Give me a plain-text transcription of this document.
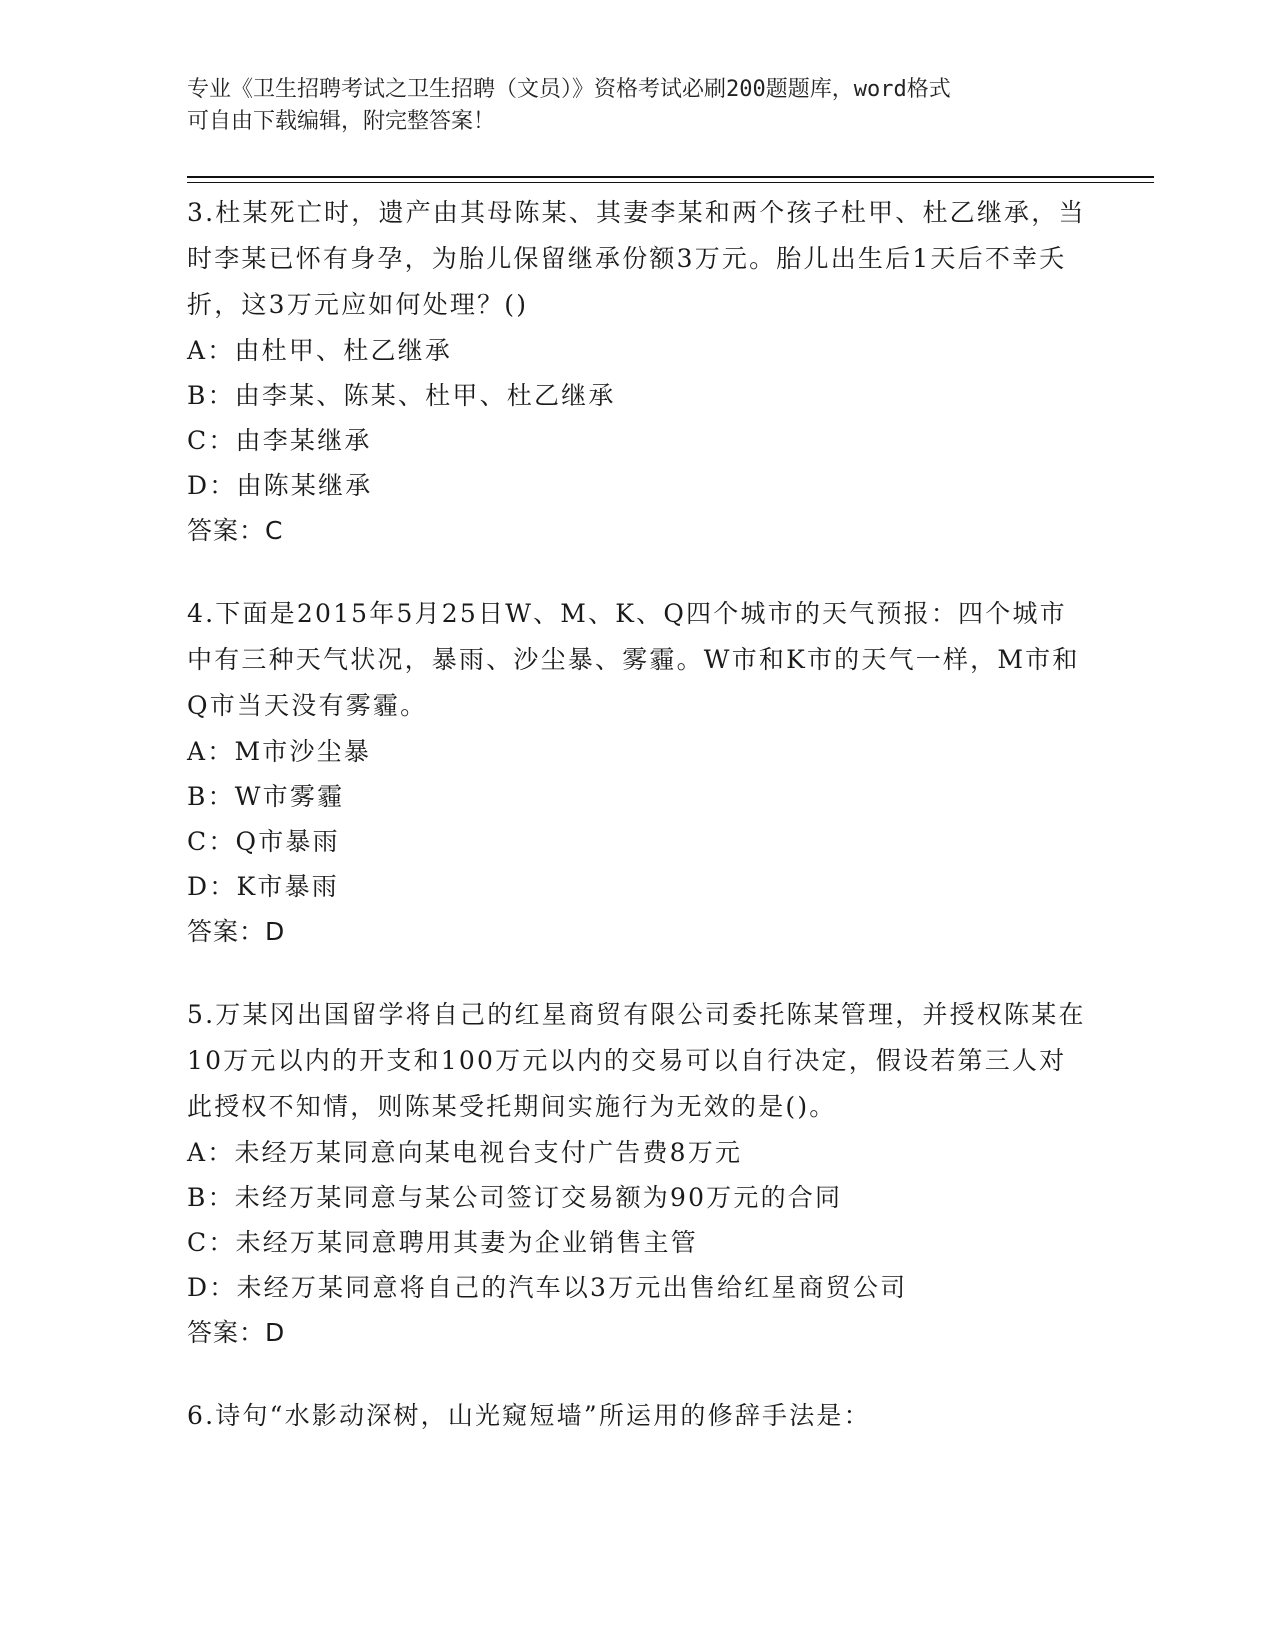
专业《卫生招聘考试之卫生招聘（文员）》资格考试必刷200题题库，word格式
可自由下载编辑，附完整答案！

3.杜某死亡时，遗产由其母陈某、其妻李某和两个孩子杜甲、杜乙继承，当时李某已怀有身孕，为胎儿保留继承份额3万元。胎儿出生后1天后不幸夭折，这3万元应如何处理？()

A：由杜甲、杜乙继承

B：由李某、陈某、杜甲、杜乙继承

C：由李某继承

D：由陈某继承

答案：C

4.下面是2015年5月25日W、M、K、Q四个城市的天气预报：四个城市中有三种天气状况，暴雨、沙尘暴、雾霾。W市和K市的天气一样，M市和Q市当天没有雾霾。

A：M市沙尘暴

B：W市雾霾

C：Q市暴雨

D：K市暴雨

答案：D

5.万某冈出国留学将自己的红星商贸有限公司委托陈某管理，并授权陈某在10万元以内的开支和100万元以内的交易可以自行决定，假设若第三人对此授权不知情，则陈某受托期间实施行为无效的是()。

A：未经万某同意向某电视台支付广告费8万元

B：未经万某同意与某公司签订交易额为90万元的合同

C：未经万某同意聘用其妻为企业销售主管

D：未经万某同意将自己的汽车以3万元出售给红星商贸公司

答案：D

6.诗句“水影动深树，山光窥短墙”所运用的修辞手法是：
